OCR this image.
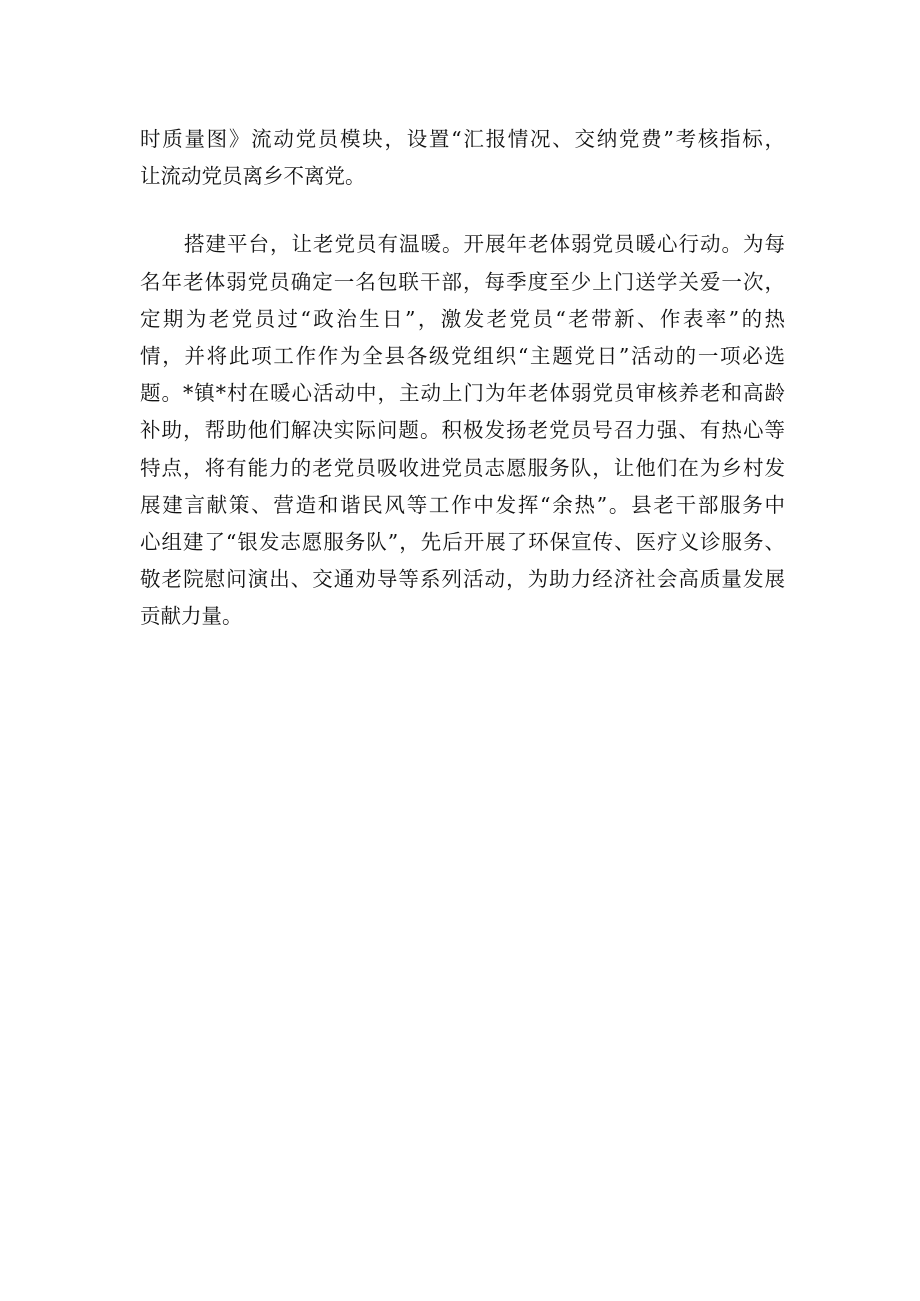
时质量图》流动党员模块，设置“汇报情况、交纳党费”考核指标，
让流动党员离乡不离党。
搭建平台，让老党员有温暖。开展年老体弱党员暖心行动。为每
名年老体弱党员确定一名包联干部，每季度至少上门送学关爱一次，
定期为老党员过“政治生日”，激发老党员“老带新、作表率”的热
情，并将此项工作作为全县各级党组织“主题党日”活动的一项必选
题。*镇*村在暖心活动中，主动上门为年老体弱党员审核养老和高龄
补助，帮助他们解决实际问题。积极发扬老党员号召力强、有热心等
特点，将有能力的老党员吸收进党员志愿服务队，让他们在为乡村发
展建言献策、营造和谐民风等工作中发挥“余热”。县老干部服务中
心组建了“银发志愿服务队”，先后开展了环保宣传、医疗义诊服务、
敬老院慰问演出、交通劝导等系列活动，为助力经济社会高质量发展
贡献力量。
